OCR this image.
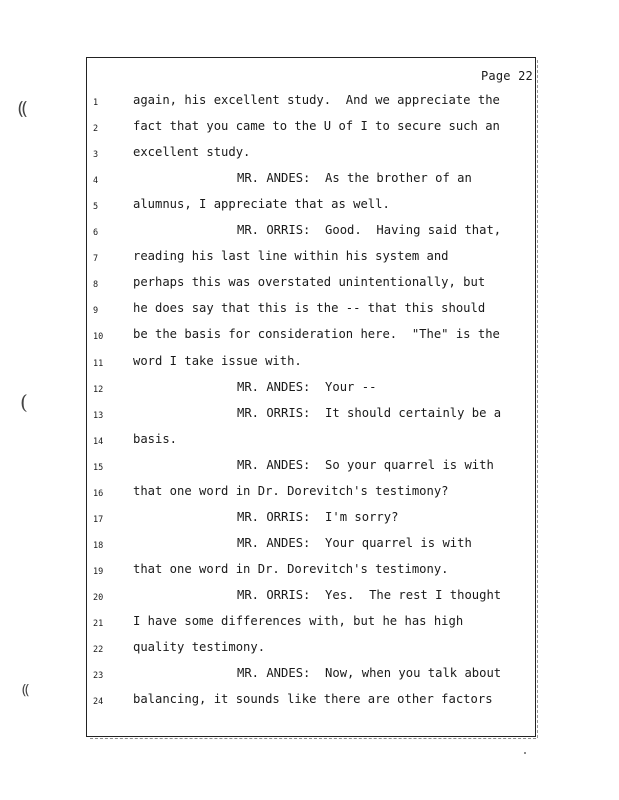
Page 22
1	again, his excellent study.  And we appreciate the
2	fact that you came to the U of I to secure such an
3	excellent study.
4	MR. ANDES:  As the brother of an
5	alumnus, I appreciate that as well.
6	MR. ORRIS:  Good.  Having said that,
7	reading his last line within his system and
8	perhaps this was overstated unintentionally, but
9	he does say that this is the -- that this should
10	be the basis for consideration here.  "The" is the
11	word I take issue with.
12	MR. ANDES:  Your --
13	MR. ORRIS:  It should certainly be a
14	basis.
15	MR. ANDES:  So your quarrel is with
16	that one word in Dr. Dorevitch's testimony?
17	MR. ORRIS:  I'm sorry?
18	MR. ANDES:  Your quarrel is with
19	that one word in Dr. Dorevitch's testimony.
20	MR. ORRIS:  Yes.  The rest I thought
21	I have some differences with, but he has high
22	quality testimony.
23	MR. ANDES:  Now, when you talk about
24	balancing, it sounds like there are other factors
⸨
(
⸨
